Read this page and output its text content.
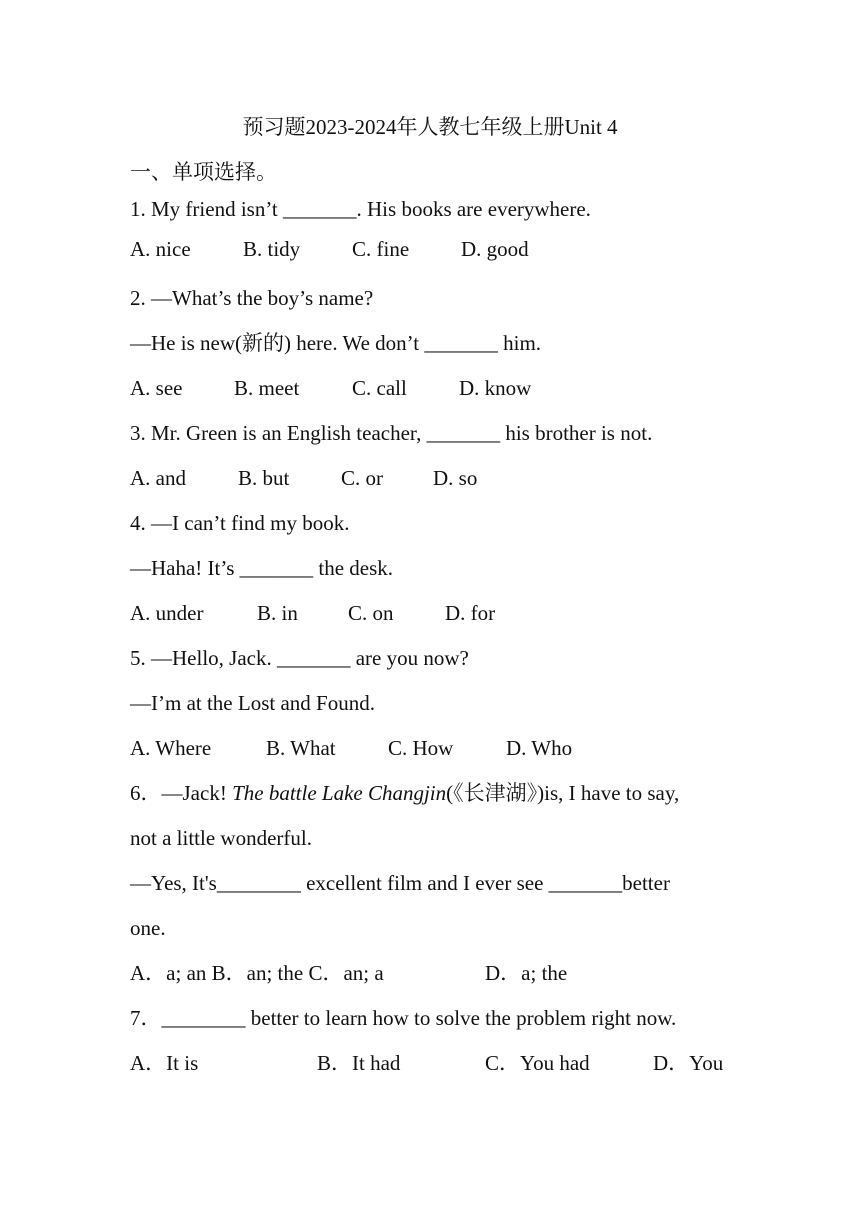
预习题2023-2024年人教七年级上册Unit 4
一、单项选择。
1. My friend isn’t _______. His books are everywhere.
A. nice B. tidy C. fine D. good
2. —What’s the boy’s name?
—He is new(新的) here. We don’t _______ him.
A. see B. meet	C. call D. know
3. Mr. Green is an English teacher, _______ his brother is not.
A. and B. but C. or D. so
4. —I can’t find my book.
—Haha! It’s _______ the desk.
A. under	B. in C. on D. for
5. —Hello, Jack. _______ are you now?
—I’m at the Lost and Found.
A. Where	B. What C. How	D. Who
6．—Jack! The battle Lake Changjin(《长津湖》)is, I have to say,
not a little wonderful.
—Yes, It's________ excellent film and I ever see _______better
one.
A．a; an B．an; the C．an; a	D．a; the
7．________ better to learn how to solve the problem right now.
A．It is	B．It had	C．You had	D．You
